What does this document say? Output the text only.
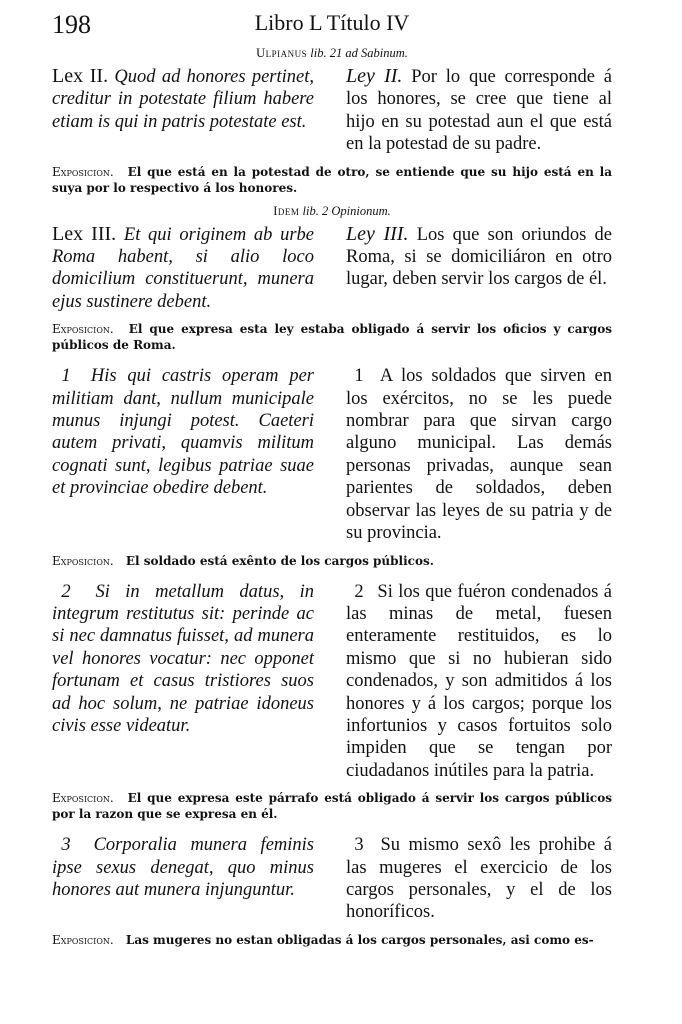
198	Libro L Título IV
Ulpianus lib. 21 ad Sabinum.
Lex II. Quod ad honores pertinet, creditur in potestate filium habere etiam is qui in patris potestate est.
Ley II. Por lo que corresponde á los honores, se cree que tiene al hijo en su potestad aun el que está en la potestad de su padre.
Exposicion. El que está en la potestad de otro, se entiende que su hijo está en la suya por lo respectivo á los honores.
Idem lib. 2 Opinionum.
Lex III. Et qui originem ab urbe Roma habent, si alio loco domicilium constituerunt, munera ejus sustinere debent.
Ley III. Los que son oriundos de Roma, si se domiciliáron en otro lugar, deben servir los cargos de él.
Exposicion. El que expresa esta ley estaba obligado á servir los oficios y cargos públicos de Roma.
1 His qui castris operam per militiam dant, nullum municipale munus injungi potest. Caeteri autem privati, quamvis militum cognati sunt, legibus patriae suae et provinciae obedire debent.
1 A los soldados que sirven en los exércitos, no se les puede nombrar para que sirvan cargo alguno municipal. Las demás personas privadas, aunque sean parientes de soldados, deben observar las leyes de su patria y de su provincia.
Exposicion. El soldado está exênto de los cargos públicos.
2 Si in metallum datus, in integrum restitutus sit: perinde ac si nec damnatus fuisset, ad munera vel honores vocatur: nec opponet fortunam et casus tristiores suos ad hoc solum, ne patriae idoneus civis esse videatur.
2 Si los que fuéron condenados á las minas de metal, fuesen enteramente restituidos, es lo mismo que si no hubieran sido condenados, y son admitidos á los honores y á los cargos; porque los infortunios y casos fortuitos solo impiden que se tengan por ciudadanos inútiles para la patria.
Exposicion. El que expresa este párrafo está obligado á servir los cargos públicos por la razon que se expresa en él.
3 Corporalia munera feminis ipse sexus denegat, quo minus honores aut munera injunguntur.
3 Su mismo sexô les prohibe á las mugeres el exercicio de los cargos personales, y el de los honoríficos.
Exposicion. Las mugeres no estan obligadas á los cargos personales, asi como es-
